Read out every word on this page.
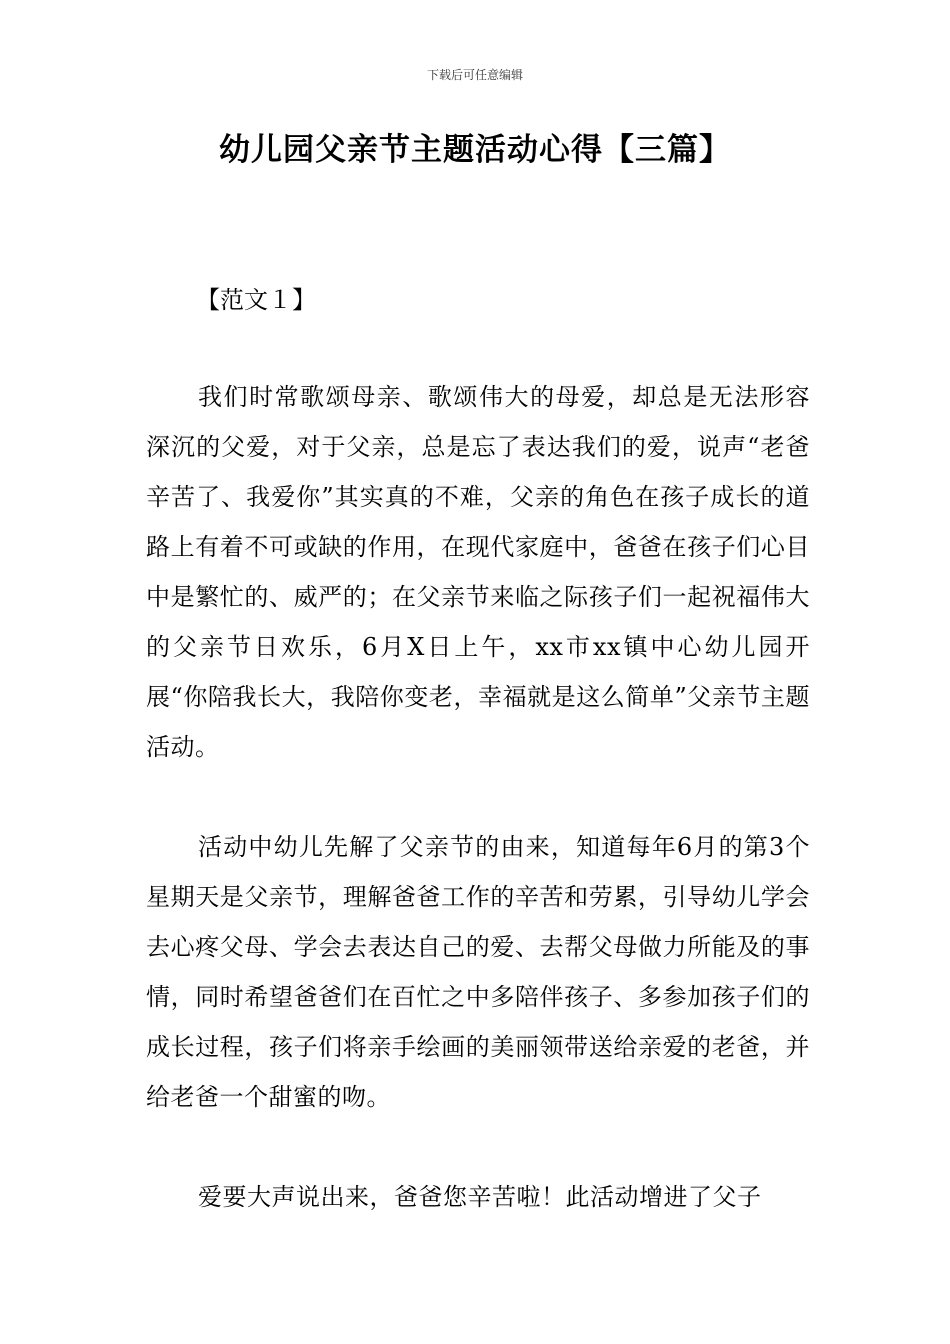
下载后可任意编辑
幼儿园父亲节主题活动心得【三篇】
【范文１】

我们时常歌颂母亲、歌颂伟大的母爱，却总是无法形容深沉的父爱，对于父亲，总是忘了表达我们的爱，说声“老爸辛苦了、我爱你”其实真的不难，父亲的角色在孩子成长的道路上有着不可或缺的作用，在现代家庭中，爸爸在孩子们心目中是繁忙的、威严的；在父亲节来临之际孩子们一起祝福伟大的父亲节日欢乐，6月X日上午，xx市xx镇中心幼儿园开展“你陪我长大，我陪你变老，幸福就是这么简单”父亲节主题活动。

活动中幼儿先解了父亲节的由来，知道每年6月的第3个星期天是父亲节，理解爸爸工作的辛苦和劳累，引导幼儿学会去心疼父母、学会去表达自己的爱、去帮父母做力所能及的事情，同时希望爸爸们在百忙之中多陪伴孩子、多参加孩子们的成长过程，孩子们将亲手绘画的美丽领带送给亲爱的老爸，并给老爸一个甜蜜的吻。

爱要大声说出来，爸爸您辛苦啦！此活动增进了父子
